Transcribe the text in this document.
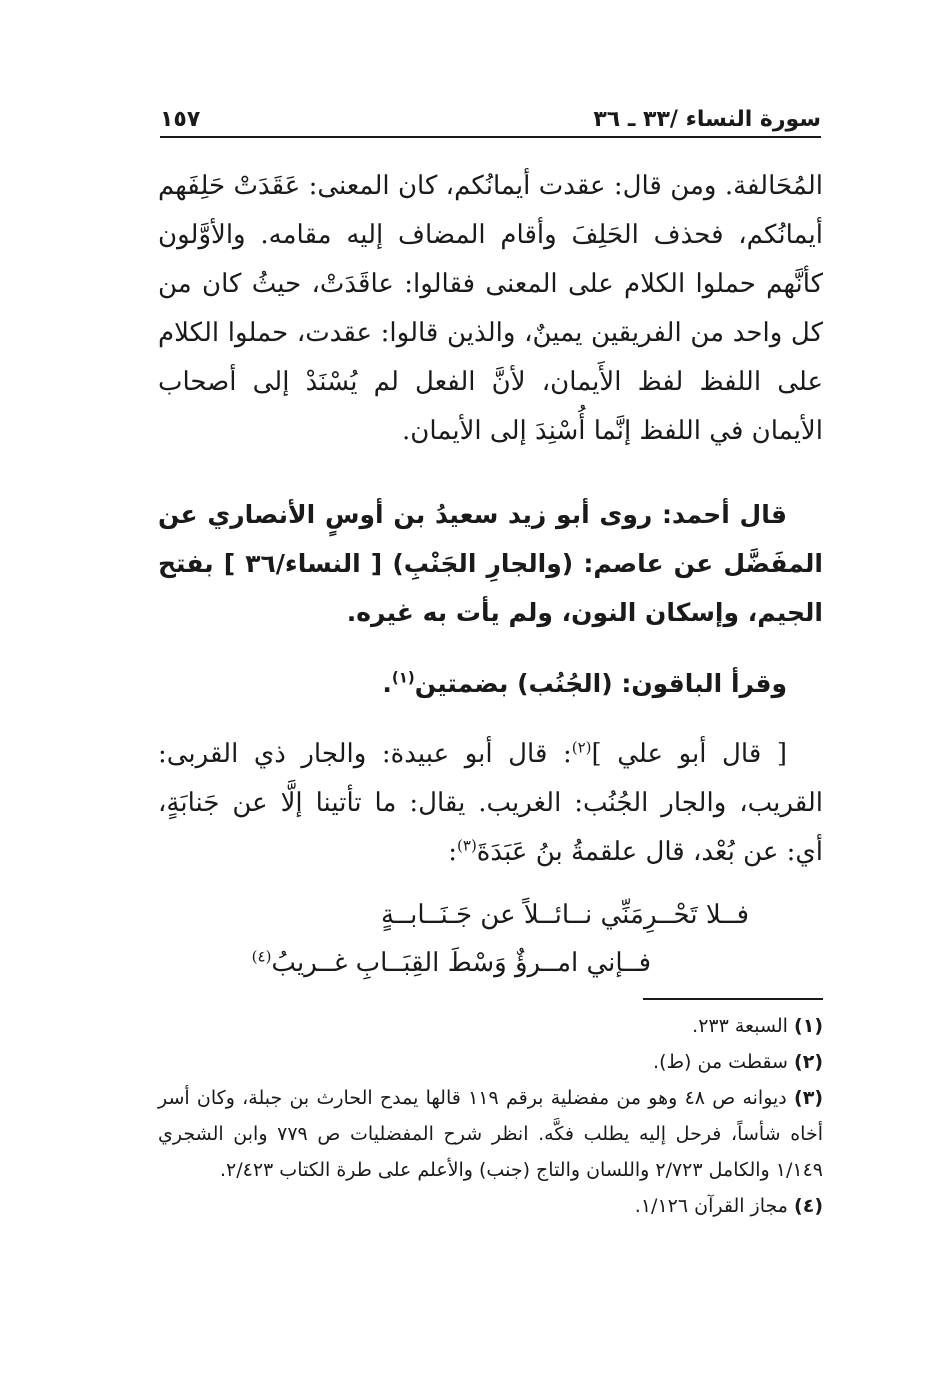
سورة النساء /٣٣ ـ ٣٦
١٥٧

المُحَالفة. ومن قال: عقدت أيمانُكم، كان المعنى: عَقَدَتْ حَلِفَهم أيمانُكم، فحذف الحَلِفَ وأقام المضاف إليه مقامه. والأوَّلون كأنَّهم حملوا الكلام على المعنى فقالوا: عاقَدَتْ، حيثُ كان من كل واحد من الفريقين يمينٌ، والذين قالوا: عقدت، حملوا الكلام على اللفظ لفظ الأَيمان، لأنَّ الفعل لم يُسْنَدْ إلى أصحاب الأيمان في اللفظ إنَّما أُسْنِدَ إلى الأيمان.

قال أحمد: روى أبو زيد سعيدُ بن أوسٍ الأنصاري عن المفَضَّل عن عاصم: (والجارِ الجَنْبِ) [ النساء/٣٦ ] بفتح الجيم، وإسكان النون، ولم يأت به غيره.

وقرأ الباقون: (الجُنُب) بضمتين$^{(١)}$.

[ قال أبو علي ]$^{(٢)}$: قال أبو عبيدة: والجار ذي القربى: القريب، والجار الجُنُب: الغريب. يقال: ما تأتينا إلَّا عن جَنابَةٍ، أي: عن بُعْد، قال علقمةُ بنُ عَبَدَةَ$^{(٣)}$:

فــلا تَحْــرِمَنِّي نــائــلاً عن جَـنَــابــةٍ
فــإني امــرؤٌ وَسْطَ القِبَــابِ غــريبُ$^{(٤)}$

(١) السبعة ٢٣٣.

(٢) سقطت من (ط).

(٣) ديوانه ص ٤٨ وهو من مفضلية برقم ١١٩ قالها يمدح الحارث بن جبلة، وكان أسر أخاه شأساً، فرحل إليه يطلب فكَّه. انظر شرح المفضليات ص ٧٧٩ وابن الشجري ١/١٤٩ والكامل ٢/٧٢٣ واللسان والتاج (جنب) والأعلم على طرة الكتاب ٢/٤٢٣.

(٤) مجاز القرآن ١/١٢٦.
